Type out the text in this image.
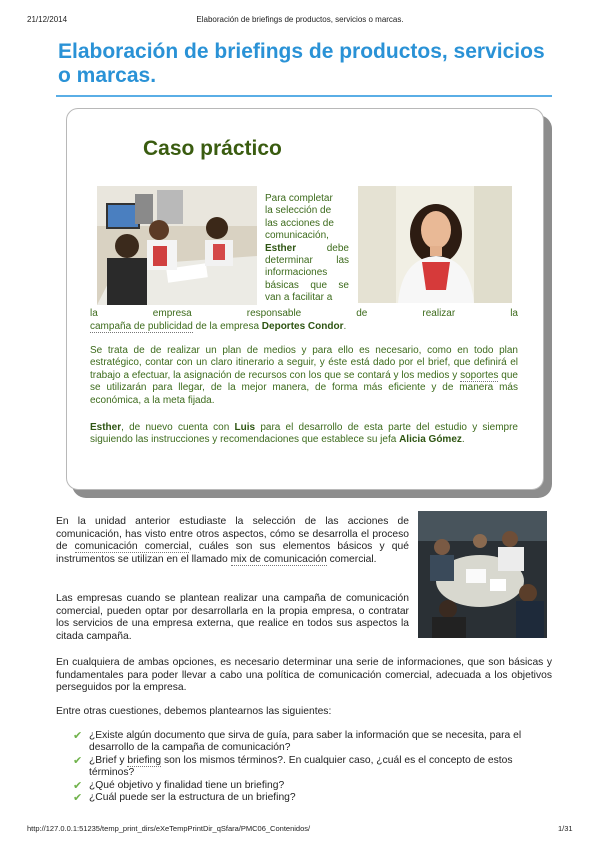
21/12/2014	Elaboración de briefings de productos, servicios o marcas.
Elaboración de briefings de productos, servicios o marcas.
Caso práctico
Para completar
la selección de
las acciones de
comunicación,
Esther debe determinar las informaciones básicas que se van a facilitar a
la empresa responsable de realizar la
campaña de publicidad de la empresa Deportes Condor.
Se trata de de realizar un plan de medios y para ello es necesario, como en todo plan estratégico, contar con un claro itinerario a seguir, y éste está dado por el brief, que definirá el trabajo a efectuar, la asignación de recursos con los que se contará y los medios y soportes que se utilizarán para llegar, de la mejor manera, de forma más eficiente y de manera más económica, a la meta fijada.
Esther, de nuevo cuenta con Luis para el desarrollo de esta parte del estudio y siempre siguiendo las instrucciones y recomendaciones que establece su jefa Alicia Gómez.
En la unidad anterior estudiaste la selección de las acciones de comunicación, has visto entre otros aspectos, cómo se desarrolla el proceso de comunicación comercial, cuáles son sus elementos básicos y qué instrumentos se utilizan en el llamado mix de comunicación comercial.
Las empresas cuando se plantean realizar una campaña de comunicación comercial, pueden optar por desarrollarla en la propia empresa, o contratar los servicios de una empresa externa, que realice en todos sus aspectos la citada campaña.
En cualquiera de ambas opciones, es necesario determinar una serie de informaciones, que son básicas y fundamentales para poder llevar a cabo una política de comunicación comercial, adecuada a los objetivos perseguidos por la empresa.
Entre otras cuestiones, debemos plantearnos las siguientes:
✔ ¿Existe algún documento que sirva de guía, para saber la información que se necesita, para el desarrollo de la campaña de comunicación?
✔ ¿Brief y briefing son los mismos términos?. En cualquier caso, ¿cuál es el concepto de estos términos?
✔ ¿Qué objetivo y finalidad tiene un briefing?
✔ ¿Cuál puede ser la estructura de un briefing?
http://127.0.0.1:51235/temp_print_dirs/eXeTempPrintDir_qSfara/PMC06_Contenidos/	1/31
